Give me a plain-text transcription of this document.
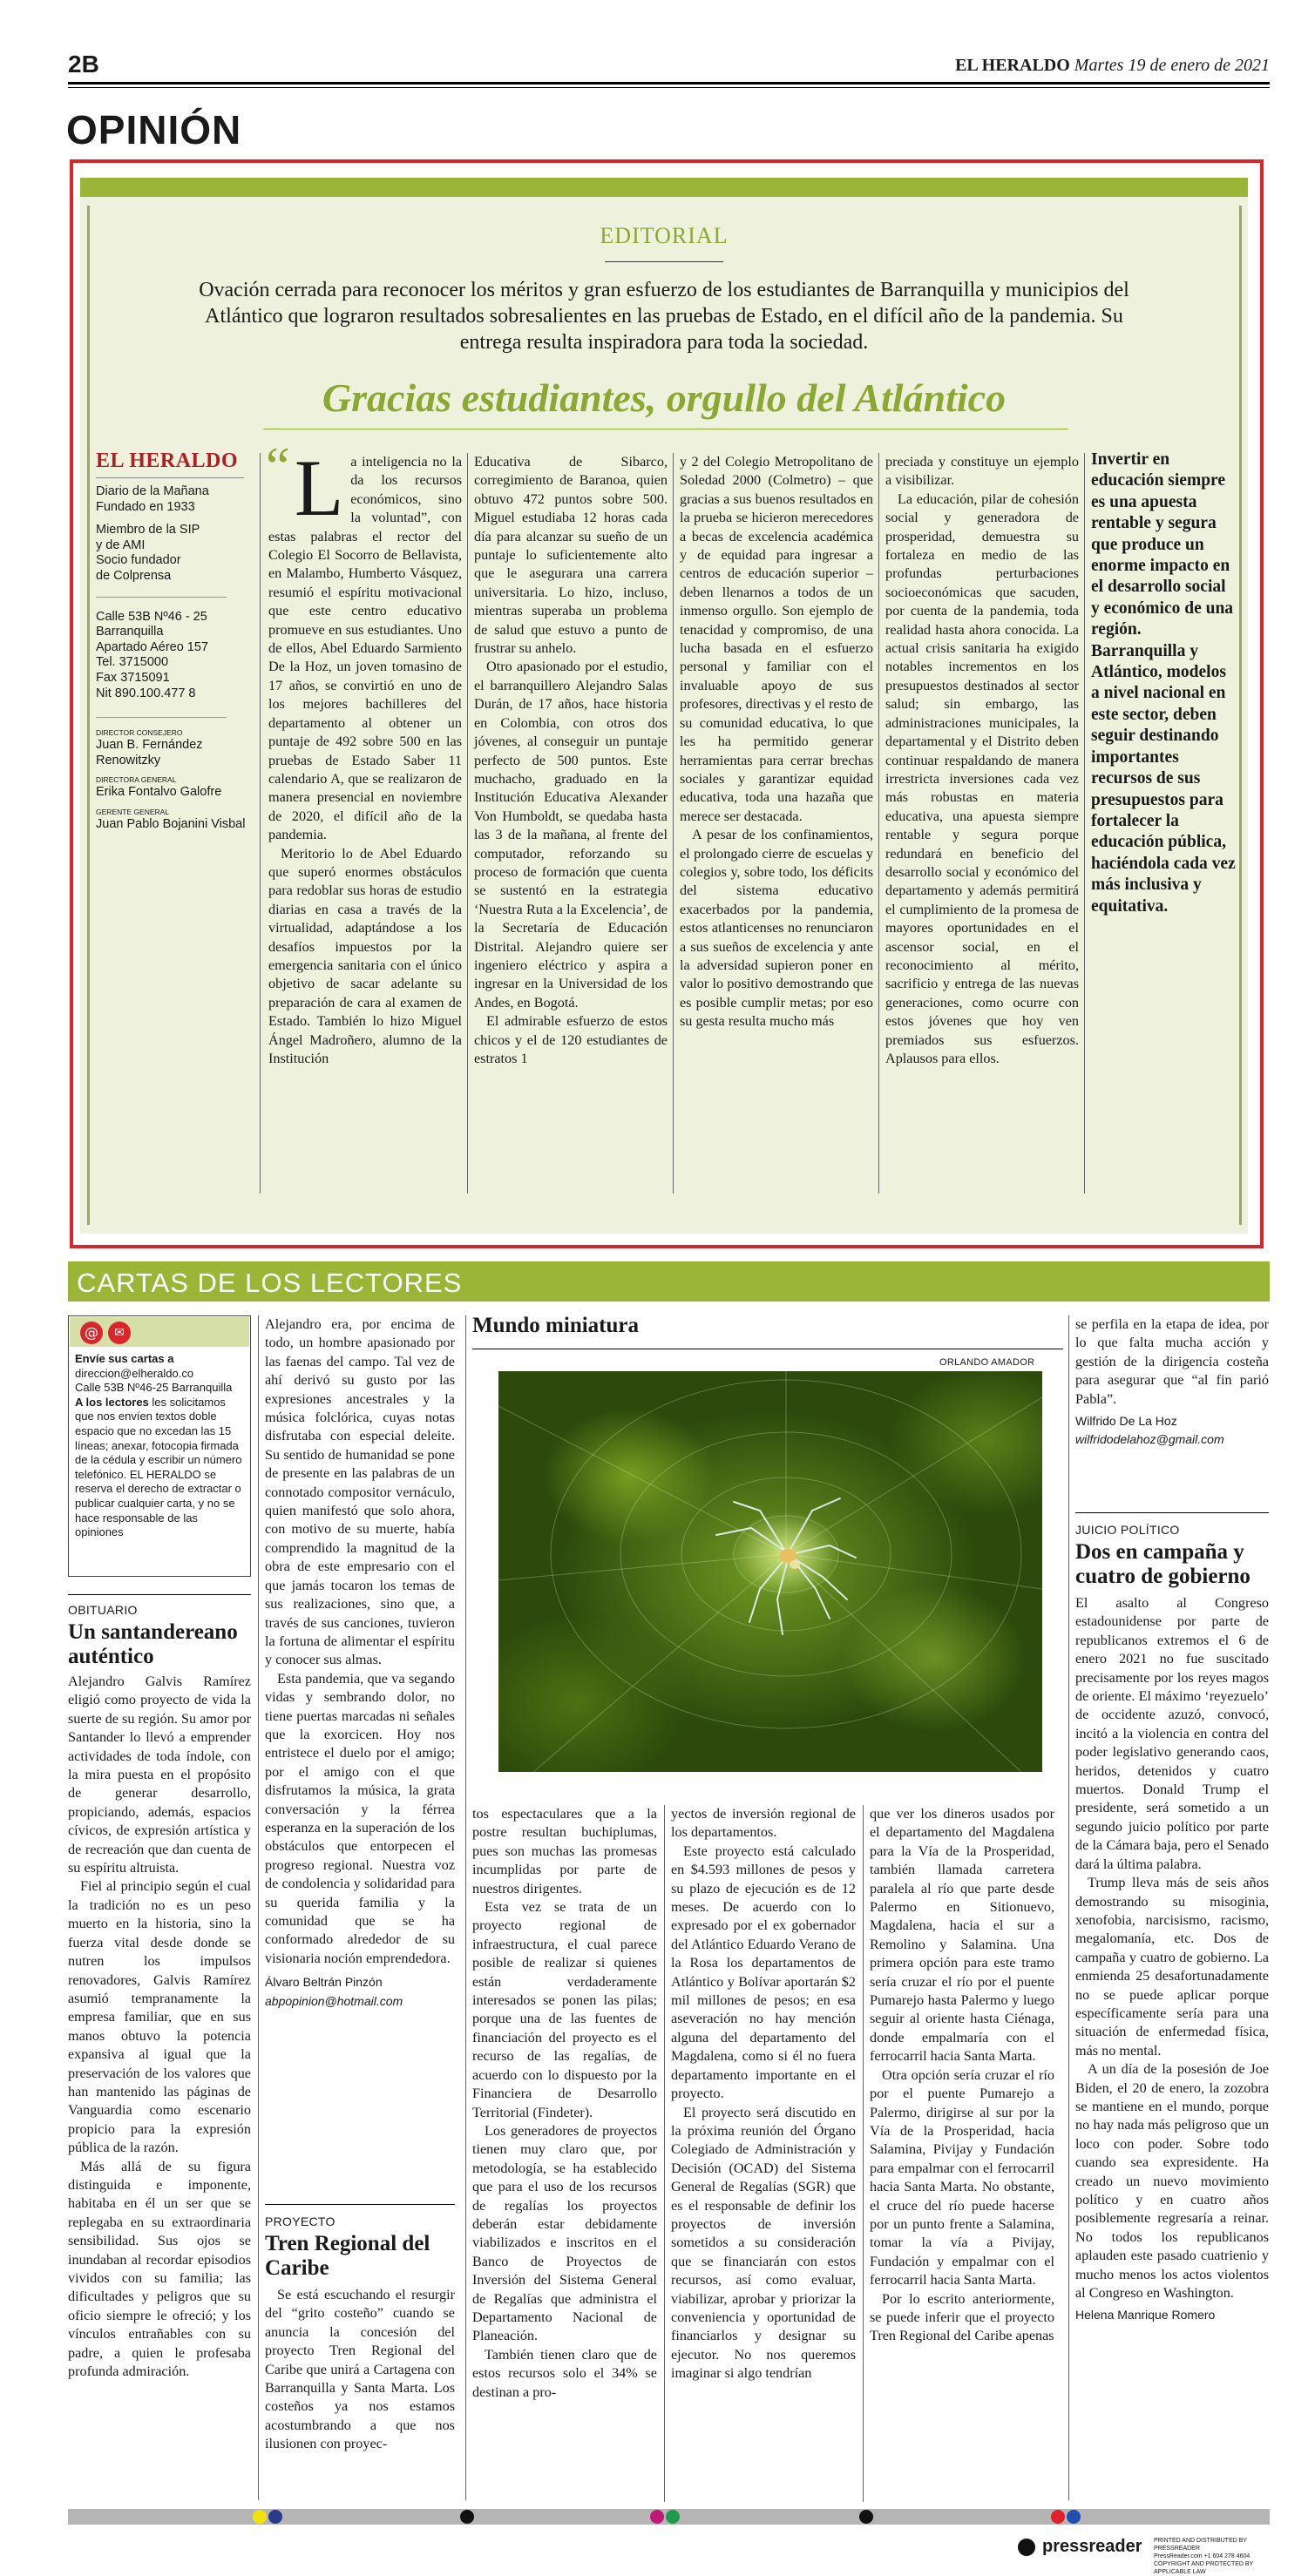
2B	EL HERALDO Martes 19 de enero de 2021
OPINIÓN
EDITORIAL
Ovación cerrada para reconocer los méritos y gran esfuerzo de los estudiantes de Barranquilla y municipios del Atlántico que lograron resultados sobresalientes en las pruebas de Estado, en el difícil año de la pandemia. Su entrega resulta inspiradora para toda la sociedad.
Gracias estudiantes, orgullo del Atlántico
EL HERALDO
Diario de la Mañana
Fundado en 1933
Miembro de la SIP
y de AMI
Socio fundador
de Colprensa
Calle 53B Nº46 - 25
Barranquilla
Apartado Aéreo 157
Tel. 3715000
Fax 3715091
Nit 890.100.477 8
DIRECTOR CONSEJERO
Juan B. Fernández Renowitzky
DIRECTORA GENERAL
Erika Fontalvo Galofre
GERENTE GENERAL
Juan Pablo Bojanini Visbal
“ L a inteligencia no la da los recursos económicos, sino la voluntad”, con estas palabras el rector del Colegio El Socorro de Bellavista, en Malambo, Humberto Vásquez, resumió el espíritu motivacional que este centro educativo promueve en sus estudiantes. Uno de ellos, Abel Eduardo Sarmiento De la Hoz, un joven tomasino de 17 años, se convirtió en uno de los mejores bachilleres del departamento al obtener un puntaje de 492 sobre 500 en las pruebas de Estado Saber 11 calendario A, que se realizaron de manera presencial en noviembre de 2020, el difícil año de la pandemia.

Meritorio lo de Abel Eduardo que superó enormes obstáculos para redoblar sus horas de estudio diarias en casa a través de la virtualidad, adaptándose a los desafíos impuestos por la emergencia sanitaria con el único objetivo de sacar adelante su preparación de cara al examen de Estado. También lo hizo Miguel Ángel Madroñero, alumno de la Institución

Educativa de Sibarco, corregimiento de Baranoa, quien obtuvo 472 puntos sobre 500. Miguel estudiaba 12 horas cada día para alcanzar su sueño de un puntaje lo suficientemente alto que le asegurara una carrera universitaria. Lo hizo, incluso, mientras superaba un problema de salud que estuvo a punto de frustrar su anhelo.

Otro apasionado por el estudio, el barranquillero Alejandro Salas Durán, de 17 años, hace historia en Colombia, con otros dos jóvenes, al conseguir un puntaje perfecto de 500 puntos. Este muchacho, graduado en la Institución Educativa Alexander Von Humboldt, se quedaba hasta las 3 de la mañana, al frente del computador, reforzando su proceso de formación que cuenta se sustentó en la estrategia ‘Nuestra Ruta a la Excelencia’, de la Secretaría de Educación Distrital. Alejandro quiere ser ingeniero eléctrico y aspira a ingresar en la Universidad de los Andes, en Bogotá.

El admirable esfuerzo de estos chicos y el de 120 estudiantes de estratos 1

y 2 del Colegio Metropolitano de Soledad 2000 (Colmetro) – que gracias a sus buenos resultados en la prueba se hicieron merecedores a becas de excelencia académica y de equidad para ingresar a centros de educación superior – deben llenarnos a todos de un inmenso orgullo. Son ejemplo de tenacidad y compromiso, de una lucha basada en el esfuerzo personal y familiar con el invaluable apoyo de sus profesores, directivas y el resto de su comunidad educativa, lo que les ha permitido generar herramientas para cerrar brechas sociales y garantizar equidad educativa, toda una hazaña que merece ser destacada.

A pesar de los confinamientos, el prolongado cierre de escuelas y colegios y, sobre todo, los déficits del sistema educativo exacerbados por la pandemia, estos atlanticenses no renunciaron a sus sueños de excelencia y ante la adversidad supieron poner en valor lo positivo demostrando que es posible cumplir metas; por eso su gesta resulta mucho más

preciada y constituye un ejemplo a visibilizar.

La educación, pilar de cohesión social y generadora de prosperidad, demuestra su fortaleza en medio de las profundas perturbaciones socioeconómicas que sacuden, por cuenta de la pandemia, toda realidad hasta ahora conocida. La actual crisis sanitaria ha exigido notables incrementos en los presupuestos destinados al sector salud; sin embargo, las administraciones municipales, la departamental y el Distrito deben continuar respaldando de manera irrestricta inversiones cada vez más robustas en materia educativa, una apuesta siempre rentable y segura porque redundará en beneficio del desarrollo social y económico del departamento y además permitirá el cumplimiento de la promesa de mayores oportunidades en el ascensor social, en el reconocimiento al mérito, sacrificio y entrega de las nuevas generaciones, como ocurre con estos jóvenes que hoy ven premiados sus esfuerzos. Aplausos para ellos.

Invertir en educación siempre es una apuesta rentable y segura que produce un enorme impacto en el desarrollo social y económico de una región. Barranquilla y Atlántico, modelos a nivel nacional en este sector, deben seguir destinando importantes recursos de sus presupuestos para fortalecer la educación pública, haciéndola cada vez más inclusiva y equitativa.
CARTAS DE LOS LECTORES
@	✉
Envíe sus cartas a
direccion@elheraldo.co
Calle 53B Nº46-25 Barranquilla
A los lectores les solicitamos que nos envíen textos doble espacio que no excedan las 15 líneas; anexar, fotocopia firmada de la cédula y escribir un número telefónico. EL HERALDO se reserva el derecho de extractar o publicar cualquier carta, y no se hace responsable de las opiniones
OBITUARIO
Un santandereano auténtico

Alejandro Galvis Ramírez eligió como proyecto de vida la suerte de su región. Su amor por Santander lo llevó a emprender actividades de toda índole, con la mira puesta en el propósito de generar desarrollo, propiciando, además, espacios cívicos, de expresión artística y de recreación que dan cuenta de su espíritu altruista.

Fiel al principio según el cual la tradición no es un peso muerto en la historia, sino la fuerza vital desde donde se nutren los impulsos renovadores, Galvis Ramírez asumió tempranamente la empresa familiar, que en sus manos obtuvo la potencia expansiva al igual que la preservación de los valores que han mantenido las páginas de Vanguardia como escenario propicio para la expresión pública de la razón.

Más allá de su figura distinguida e imponente, habitaba en él un ser que se replegaba en su extraordinaria sensibilidad. Sus ojos se inundaban al recordar episodios vividos con su familia; las dificultades y peligros que su oficio siempre le ofreció; y los vínculos entrañables con su padre, a quien le profesaba profunda admiración.

Alejandro era, por encima de todo, un hombre apasionado por las faenas del campo. Tal vez de ahí derivó su gusto por las expresiones ancestrales y la música folclórica, cuyas notas disfrutaba con especial deleite. Su sentido de humanidad se pone de presente en las palabras de un connotado compositor vernáculo, quien manifestó que solo ahora, con motivo de su muerte, había comprendido la magnitud de la obra de este empresario con el que jamás tocaron los temas de sus realizaciones, sino que, a través de sus canciones, tuvieron la fortuna de alimentar el espíritu y conocer sus almas.

Esta pandemia, que va segando vidas y sembrando dolor, no tiene puertas marcadas ni señales que la exorcicen. Hoy nos entristece el duelo por el amigo; por el amigo con el que disfrutamos la música, la grata conversación y la férrea esperanza en la superación de los obstáculos que entorpecen el progreso regional. Nuestra voz de condolencia y solidaridad para su querida familia y la comunidad que se ha conformado alrededor de su visionaria noción emprendedora.

Álvaro Beltrán Pinzón
abpopinion@hotmail.com
PROYECTO
Tren Regional del Caribe

Se está escuchando el resurgir del “grito costeño” cuando se anuncia la concesión del proyecto Tren Regional del Caribe que unirá a Cartagena con Barranquilla y Santa Marta. Los costeños ya nos estamos acostumbrando a que nos ilusionen con proyec-

Mundo miniatura
ORLANDO AMADOR

tos espectaculares que a la postre resultan buchiplumas, pues son muchas las promesas incumplidas por parte de nuestros dirigentes.

Esta vez se trata de un proyecto regional de infraestructura, el cual parece posible de realizar si quienes están verdaderamente interesados se ponen las pilas; porque una de las fuentes de financiación del proyecto es el recurso de las regalías, de acuerdo con lo dispuesto por la Financiera de Desarrollo Territorial (Findeter).

Los generadores de proyectos tienen muy claro que, por metodología, se ha establecido que para el uso de los recursos de regalías los proyectos deberán estar debidamente viabilizados e inscritos en el Banco de Proyectos de Inversión del Sistema General de Regalías que administra el Departamento Nacional de Planeación.

También tienen claro que de estos recursos solo el 34% se destinan a pro-

yectos de inversión regional de los departamentos.

Este proyecto está calculado en $4.593 millones de pesos y su plazo de ejecución es de 12 meses. De acuerdo con lo expresado por el ex gobernador del Atlántico Eduardo Verano de la Rosa los departamentos de Atlántico y Bolívar aportarán $2 mil millones de pesos; en esa aseveración no hay mención alguna del departamento del Magdalena, como si él no fuera departamento importante en el proyecto.

El proyecto será discutido en la próxima reunión del Órgano Colegiado de Administración y Decisión (OCAD) del Sistema General de Regalías (SGR) que es el responsable de definir los proyectos de inversión sometidos a su consideración que se financiarán con estos recursos, así como evaluar, viabilizar, aprobar y priorizar la conveniencia y oportunidad de financiarlos y designar su ejecutor. No nos queremos imaginar si algo tendrían

que ver los dineros usados por el departamento del Magdalena para la Vía de la Prosperidad, también llamada carretera paralela al río que parte desde Palermo en Sitionuevo, Magdalena, hacia el sur a Remolino y Salamina. Una primera opción para este tramo sería cruzar el río por el puente Pumarejo hasta Palermo y luego seguir al oriente hasta Ciénaga, donde empalmaría con el ferrocarril hacia Santa Marta.

Otra opción sería cruzar el río por el puente Pumarejo a Palermo, dirigirse al sur por la Vía de la Prosperidad, hacia Salamina, Pivijay y Fundación para empalmar con el ferrocarril hacia Santa Marta. No obstante, el cruce del río puede hacerse por un punto frente a Salamina, tomar la vía a Pivijay, Fundación y empalmar con el ferrocarril hacia Santa Marta.

Por lo escrito anteriormente, se puede inferir que el proyecto Tren Regional del Caribe apenas

se perfila en la etapa de idea, por lo que falta mucha acción y gestión de la dirigencia costeña para asegurar que “al fin parió Pabla”.

Wilfrido De La Hoz
wilfridodelahoz@gmail.com
JUICIO POLÍTICO
Dos en campaña y cuatro de gobierno

El asalto al Congreso estadounidense por parte de republicanos extremos el 6 de enero 2021 no fue suscitado precisamente por los reyes magos de oriente. El máximo ‘reyezuelo’ de occidente azuzó, convocó, incitó a la violencia en contra del poder legislativo generando caos, heridos, detenidos y cuatro muertos. Donald Trump el presidente, será sometido a un segundo juicio político por parte de la Cámara baja, pero el Senado dará la última palabra.

Trump lleva más de seis años demostrando su misoginia, xenofobia, narcisismo, racismo, megalomanía, etc. Dos de campaña y cuatro de gobierno. La enmienda 25 desafortunadamente no se puede aplicar porque específicamente sería para una situación de enfermedad física, más no mental.

A un día de la posesión de Joe Biden, el 20 de enero, la zozobra se mantiene en el mundo, porque no hay nada más peligroso que un loco con poder. Sobre todo cuando sea expresidente. Ha creado un nuevo movimiento político y en cuatro años posiblemente regresaría a reinar. No todos los republicanos aplauden este pasado cuatrienio y mucho menos los actos violentos al Congreso en Washington.

Helena Manrique Romero
pressreader PRINTED AND DISTRIBUTED BY PRESSREADER
PressReader.com +1 604 278 4604
COPYRIGHT AND PROTECTED BY APPLICABLE LAW
